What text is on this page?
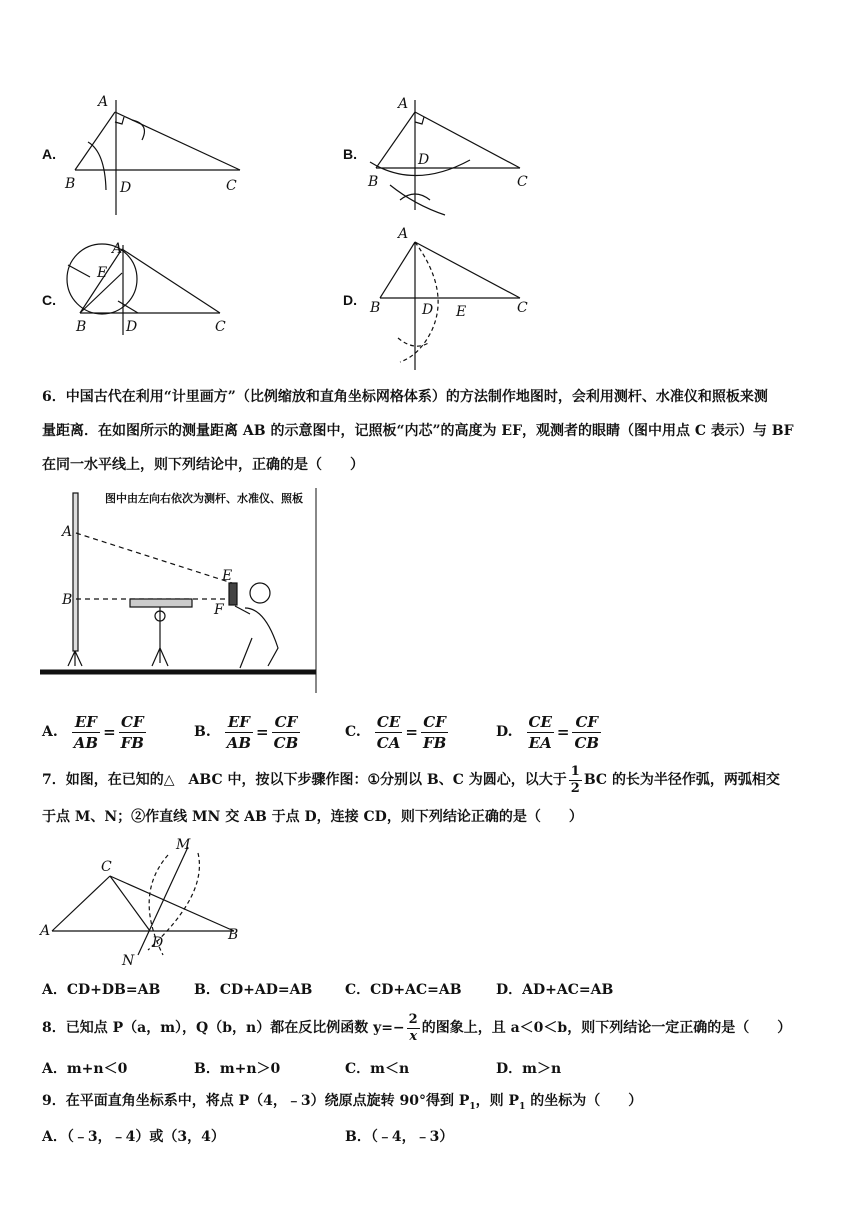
A.	B.
C.	D.
A
B	D	C
A
D
B	C
A
E
B	D	C
A
B	D E	C
6．中国古代在利用“计里画方”（比例缩放和直角坐标网格体系）的方法制作地图时，会利用测杆、水准仪和照板来测
量距离．在如图所示的测量距离 AB 的示意图中，记照板“内芯”的高度为 EF，观测者的眼睛（图中用点 C 表示）与 BF
在同一水平线上，则下列结论中，正确的是（　　）
图中由左向右依次为测杆、水准仪、照板
A
B
E
F
A. $\frac{EF}{AB} = \frac{CF}{FB}$	B. $\frac{EF}{AB} = \frac{CF}{CB}$	C. $\frac{CE}{CA} = \frac{CF}{FB}$	D. $\frac{CE}{EA} = \frac{CF}{CB}$
7．如图，在已知的△　ABC 中，按以下步骤作图： ① 分别以 B、C 为圆心，以大于 $\frac{1}{2}$ BC 的长为半径作弧，两弧相交
于点 M、N；②作直线 MN 交 AB 于点 D，连接 CD，则下列结论正确的是（　　）
A
C
B
D
M
N
A．CD+DB=AB B．CD+AD=AB C．CD+AC=AB D．AD+AC=AB
8．已知点 P（a，m），Q（b，n）都在反比例函数 $y=- \frac{2}{x}$ 的图象上，且 a＜0＜b，则下列结论一定正确的是（　　）
A．m+n＜0	B．m+n＞0	C．m＜n	D．m＞n
9．在平面直角坐标系中，将点 P（4，﹣3）绕原点旋转 90°得到 $P_1$，则 $P_1$ 的坐标为（　　）
A．（﹣3，﹣4）或（3，4）	B．（﹣4，﹣3）
